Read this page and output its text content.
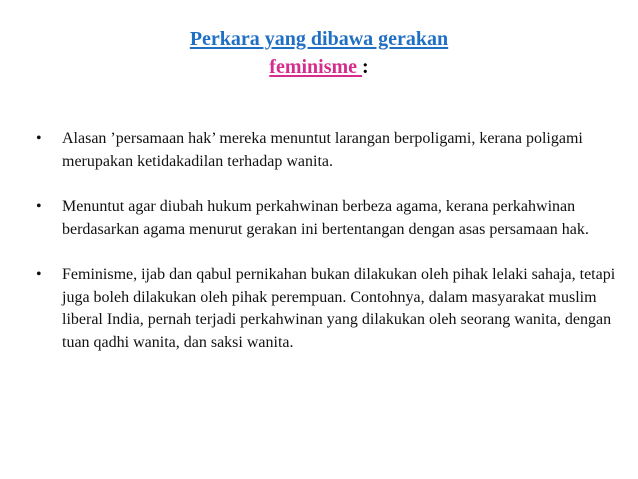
Perkara yang dibawa gerakan
feminisme :
• Alasan ’persamaan hak’ mereka menuntut larangan berpoligami, kerana poligami merupakan ketidakadilan terhadap wanita.
• Menuntut agar diubah hukum perkahwinan berbeza agama, kerana perkahwinan berdasarkan agama menurut gerakan ini bertentangan dengan asas persamaan hak.
• Feminisme, ijab dan qabul pernikahan bukan dilakukan oleh pihak lelaki sahaja, tetapi juga boleh dilakukan oleh pihak perempuan. Contohnya, dalam masyarakat muslim liberal India, pernah terjadi perkahwinan yang dilakukan oleh seorang wanita, dengan tuan qadhi wanita, dan saksi wanita.
